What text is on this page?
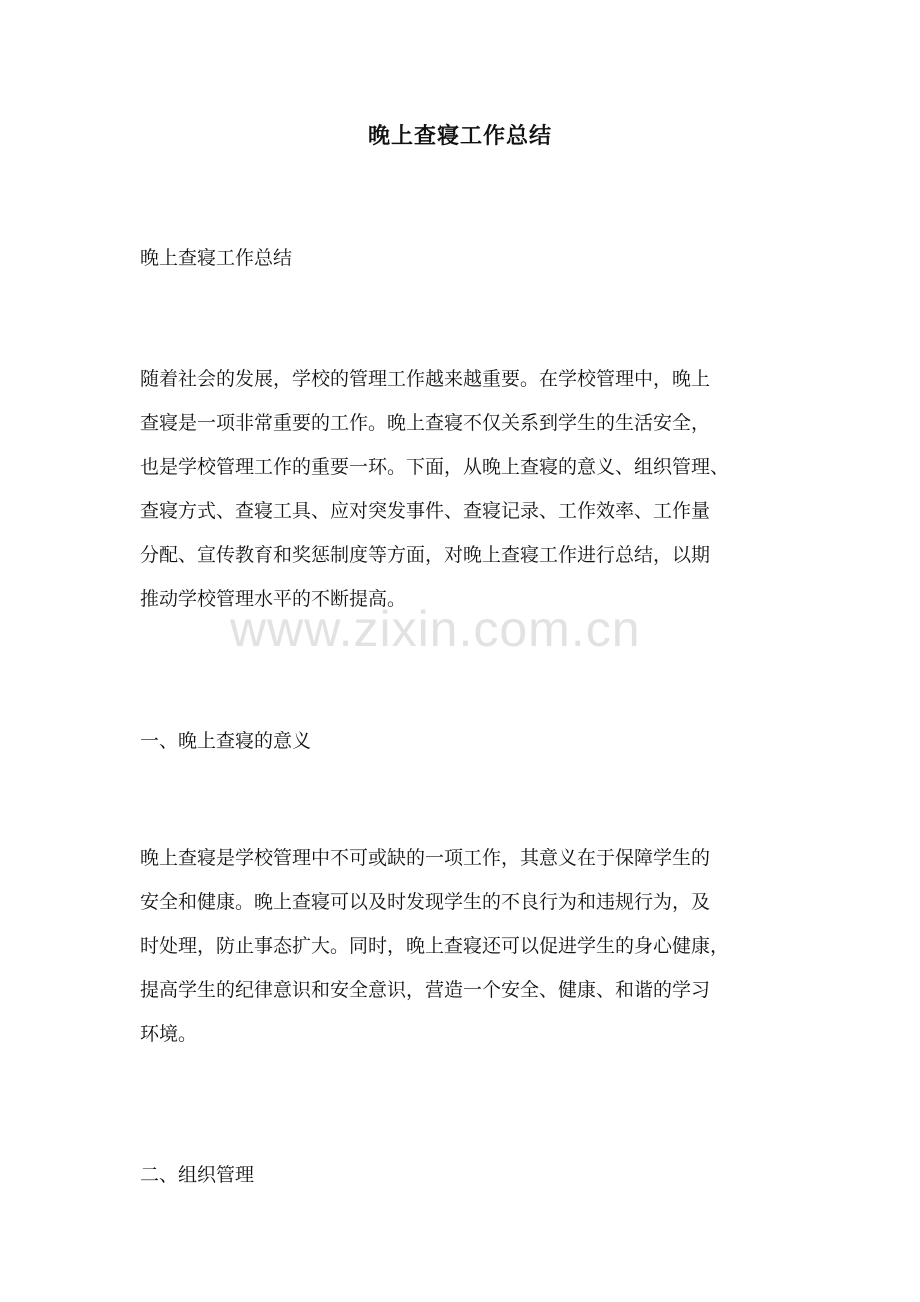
晚上查寝工作总结
晚上查寝工作总结
随着社会的发展，学校的管理工作越来越重要。在学校管理中，晚上
查寝是一项非常重要的工作。晚上查寝不仅关系到学生的生活安全，
也是学校管理工作的重要一环。下面，从晚上查寝的意义、组织管理、
查寝方式、查寝工具、应对突发事件、查寝记录、工作效率、工作量
分配、宣传教育和奖惩制度等方面，对晚上查寝工作进行总结，以期
推动学校管理水平的不断提高。
一、晚上查寝的意义
晚上查寝是学校管理中不可或缺的一项工作，其意义在于保障学生的
安全和健康。晚上查寝可以及时发现学生的不良行为和违规行为，及
时处理，防止事态扩大。同时，晚上查寝还可以促进学生的身心健康，
提高学生的纪律意识和安全意识，营造一个安全、健康、和谐的学习
环境。
二、组织管理
www.zixin.com.cn
